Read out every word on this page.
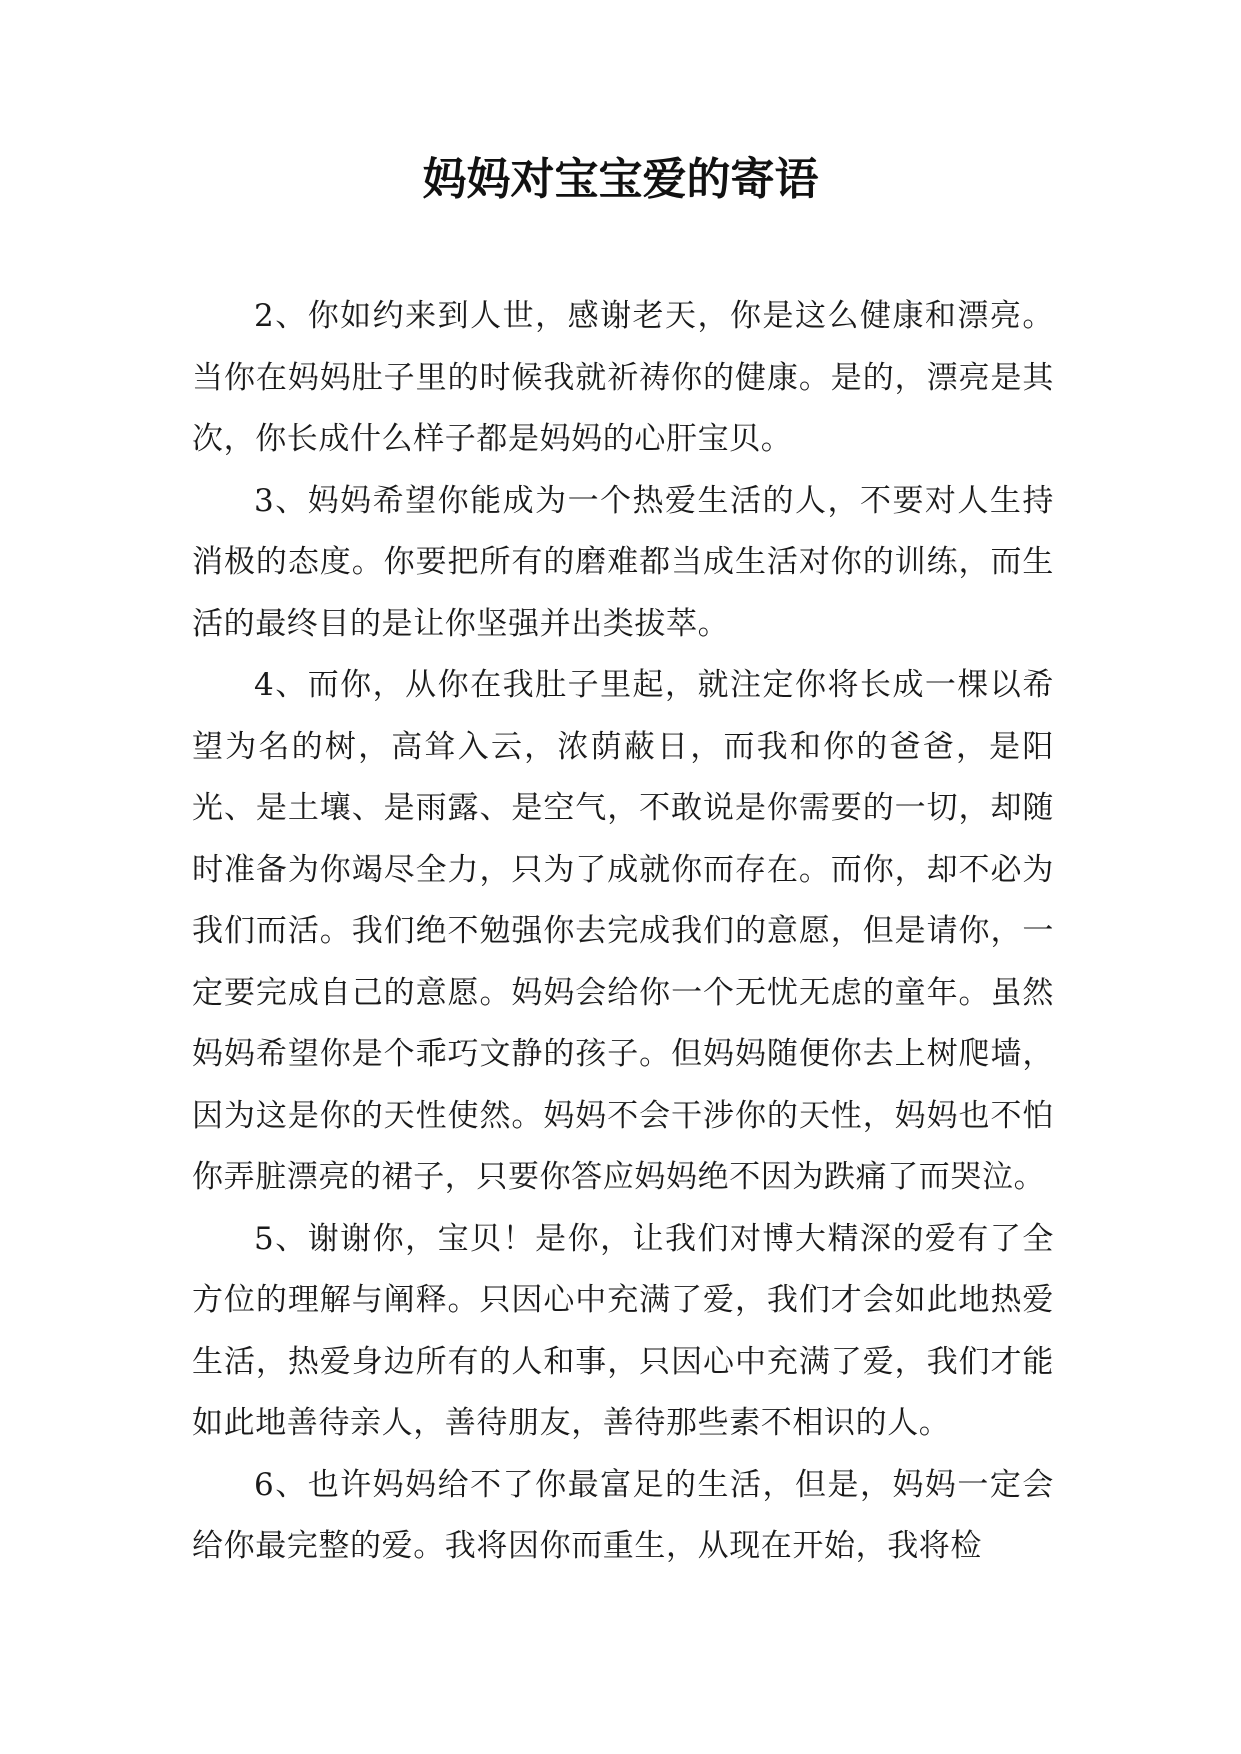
妈妈对宝宝爱的寄语

2、你如约来到人世，感谢老天，你是这么健康和漂亮。当你在妈妈肚子里的时候我就祈祷你的健康。是的，漂亮是其次，你长成什么样子都是妈妈的心肝宝贝。

3、妈妈希望你能成为一个热爱生活的人，不要对人生持消极的态度。你要把所有的磨难都当成生活对你的训练，而生活的最终目的是让你坚强并出类拔萃。

4、而你，从你在我肚子里起，就注定你将长成一棵以希望为名的树，高耸入云，浓荫蔽日，而我和你的爸爸，是阳光、是土壤、是雨露、是空气，不敢说是你需要的一切，却随时准备为你竭尽全力，只为了成就你而存在。而你，却不必为我们而活。我们绝不勉强你去完成我们的意愿，但是请你，一定要完成自己的意愿。妈妈会给你一个无忧无虑的童年。虽然妈妈希望你是个乖巧文静的孩子。但妈妈随便你去上树爬墙，因为这是你的天性使然。妈妈不会干涉你的天性，妈妈也不怕你弄脏漂亮的裙子，只要你答应妈妈绝不因为跌痛了而哭泣。

5、谢谢你，宝贝！是你，让我们对博大精深的爱有了全方位的理解与阐释。只因心中充满了爱，我们才会如此地热爱生活，热爱身边所有的人和事，只因心中充满了爱，我们才能如此地善待亲人，善待朋友，善待那些素不相识的人。

6、也许妈妈给不了你最富足的生活，但是，妈妈一定会给你最完整的爱。我将因你而重生，从现在开始，我将检
